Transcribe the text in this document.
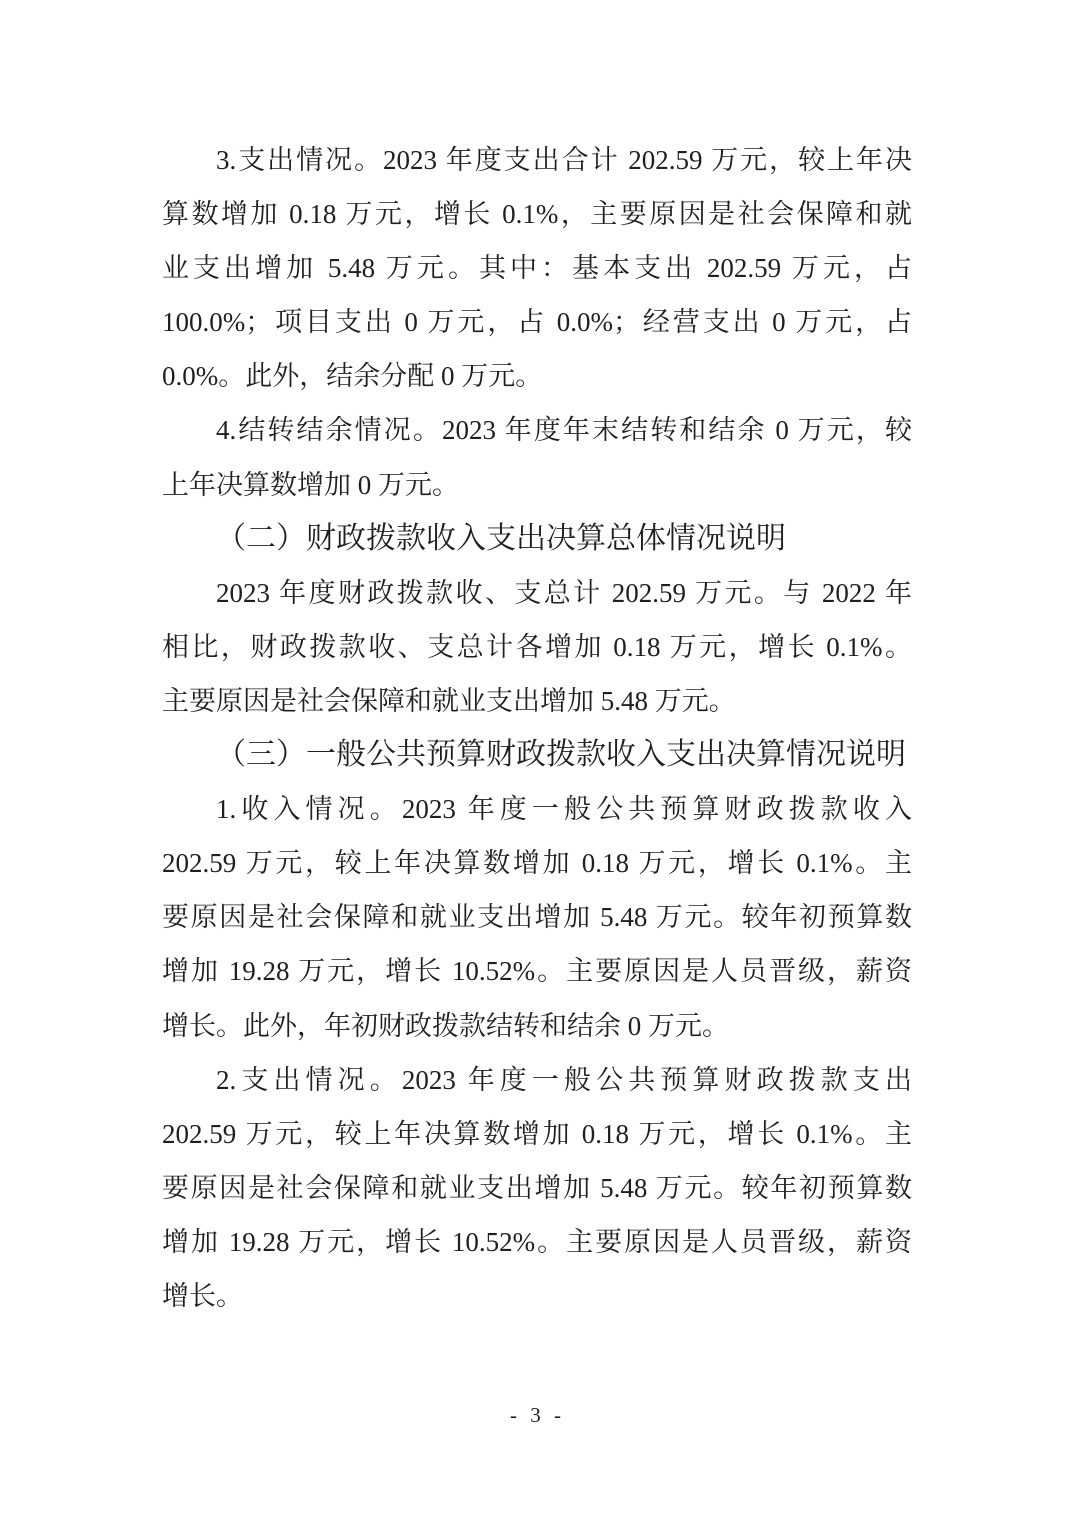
3.支出情况。2023 年度支出合计 202.59 万元，较上年决
算数增加 0.18 万元，增长 0.1%，主要原因是社会保障和就
业支出增加 5.48 万元。其中：基本支出 202.59 万元，占
100.0%；项目支出 0 万元，占 0.0%；经营支出 0 万元，占
0.0%。此外，结余分配 0 万元。
4.结转结余情况。2023 年度年末结转和结余 0 万元，较
上年决算数增加 0 万元。
（二）财政拨款收入支出决算总体情况说明
2023 年度财政拨款收、支总计 202.59 万元。与 2022 年
相比，财政拨款收、支总计各增加 0.18 万元，增长 0.1%。
主要原因是社会保障和就业支出增加 5.48 万元。
（三）一般公共预算财政拨款收入支出决算情况说明
1.收入情况。2023 年度一般公共预算财政拨款收入
202.59 万元，较上年决算数增加 0.18 万元，增长 0.1%。主
要原因是社会保障和就业支出增加 5.48 万元。较年初预算数
增加 19.28 万元，增长 10.52%。主要原因是人员晋级，薪资
增长。此外，年初财政拨款结转和结余 0 万元。
2.支出情况。2023 年度一般公共预算财政拨款支出
202.59 万元，较上年决算数增加 0.18 万元，增长 0.1%。主
要原因是社会保障和就业支出增加 5.48 万元。较年初预算数
增加 19.28 万元，增长 10.52%。主要原因是人员晋级，薪资
增长。
- 3 -
